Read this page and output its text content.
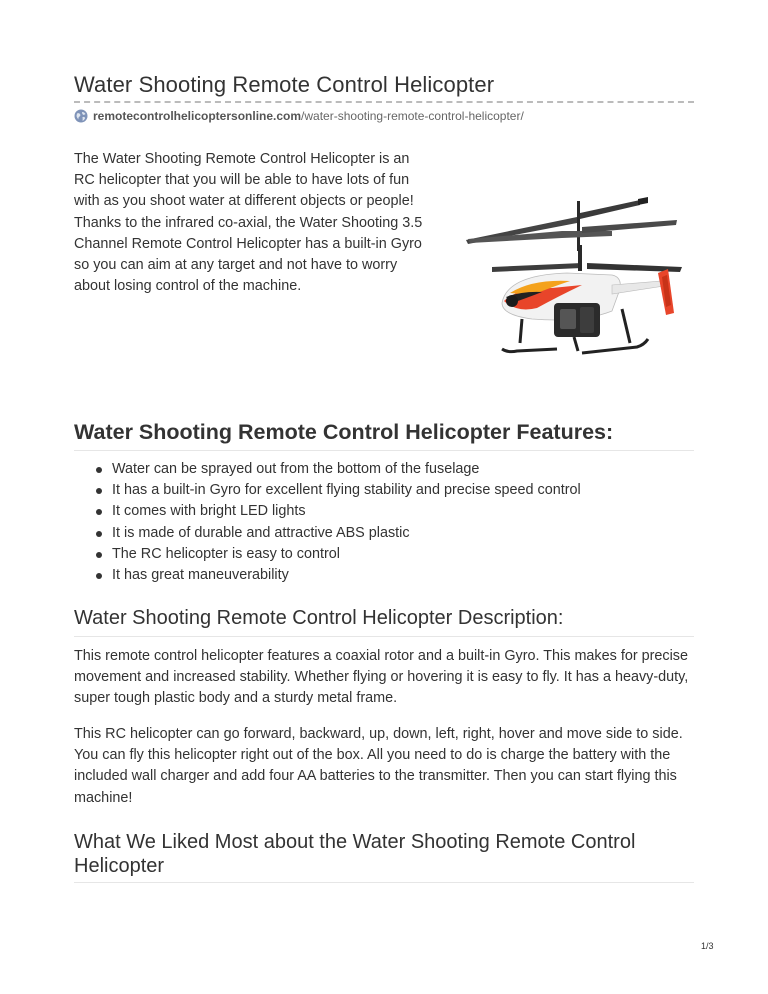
Water Shooting Remote Control Helicopter
remotecontrolhelicoptersonline.com /water-shooting-remote-control-helicopter/

The Water Shooting Remote Control Helicopter is an RC helicopter that you will be able to have lots of fun with as you shoot water at different objects or people! Thanks to the infrared co-axial, the Water Shooting 3.5 Channel Remote Control Helicopter has a built-in Gyro so you can aim at any target and not have to worry about losing control of the machine.

Water Shooting Remote Control Helicopter Features:
Water can be sprayed out from the bottom of the fuselage
It has a built-in Gyro for excellent flying stability and precise speed control
It comes with bright LED lights
It is made of durable and attractive ABS plastic
The RC helicopter is easy to control
It has great maneuverability
Water Shooting Remote Control Helicopter Description:

This remote control helicopter features a coaxial rotor and a built-in Gyro. This makes for precise movement and increased stability. Whether flying or hovering it is easy to fly. It has a heavy-duty, super tough plastic body and a sturdy metal frame.

This RC helicopter can go forward, backward, up, down, left, right, hover and move side to side. You can fly this helicopter right out of the box. All you need to do is charge the battery with the included wall charger and add four AA batteries to the transmitter. Then you can start flying this machine!

What We Liked Most about the Water Shooting Remote Control Helicopter
1/3
